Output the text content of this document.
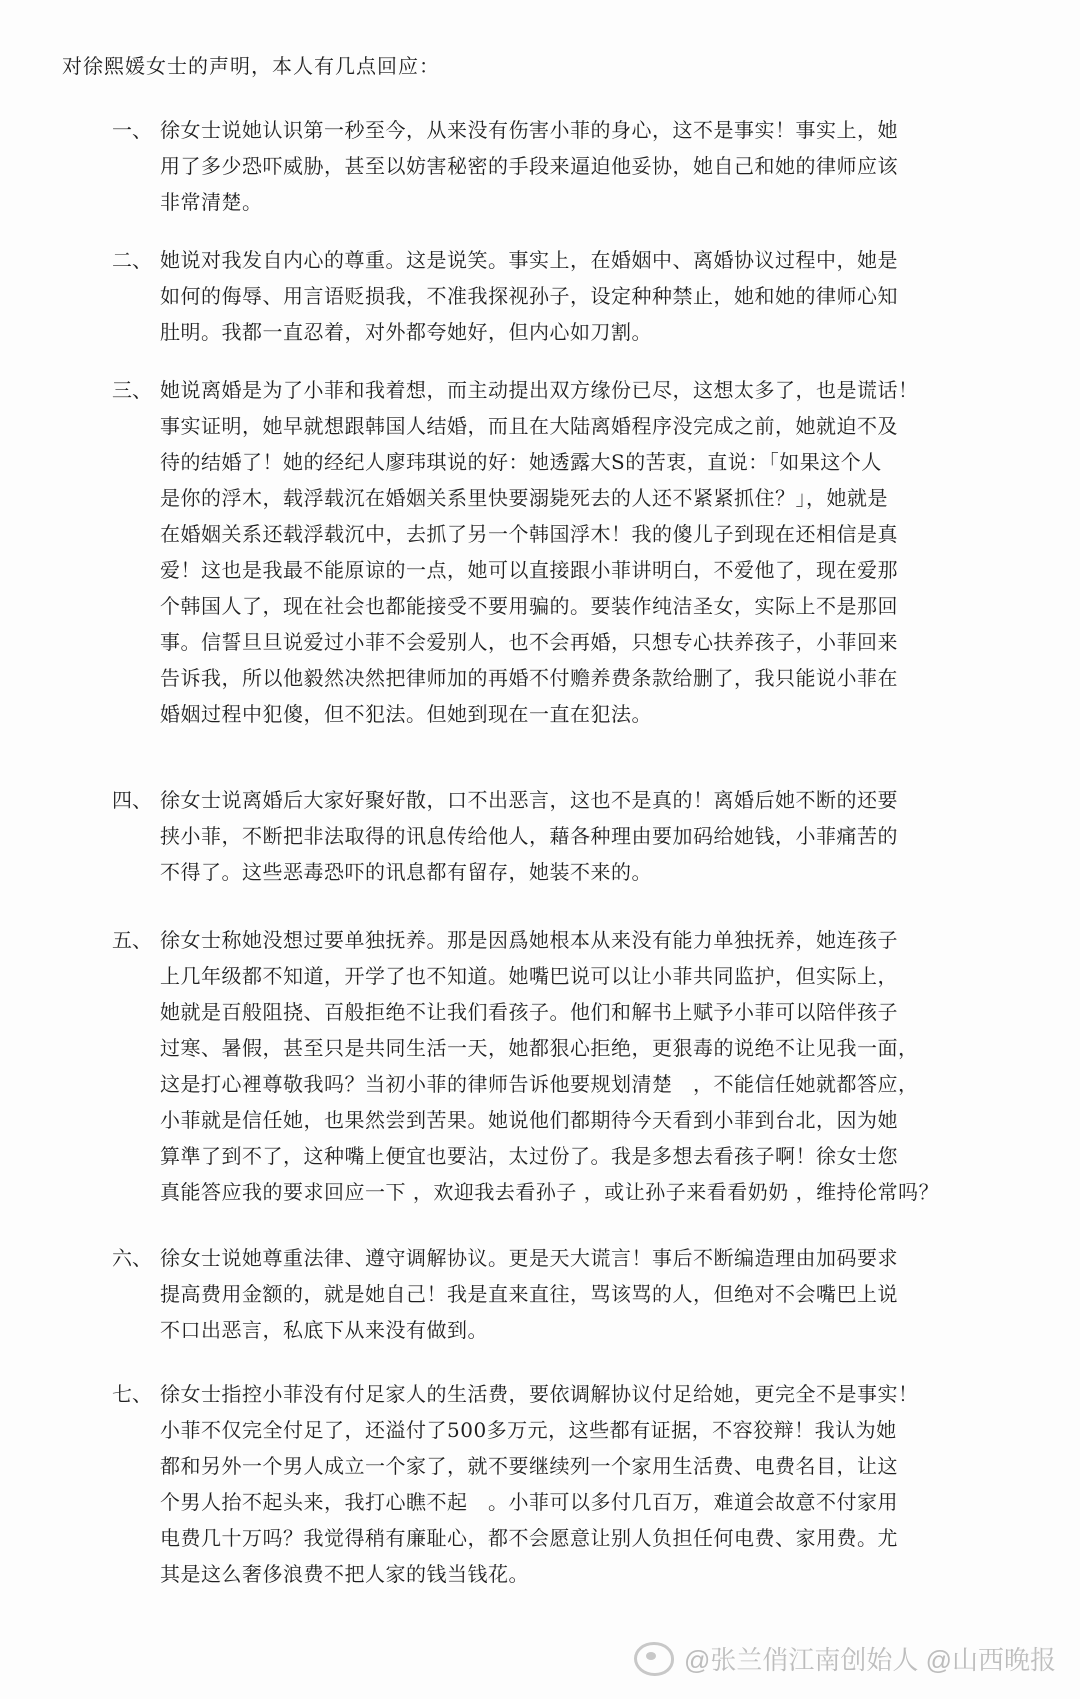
对徐熙媛女士的声明，本人有几点回应：
一、 徐女士说她认识第一秒至今，从来没有伤害小菲的身心，这不是事实！事实上，她
用了多少恐吓威胁，甚至以妨害秘密的手段来逼迫他妥协，她自己和她的律师应该
非常清楚。
二、 她说对我发自内心的尊重。这是说笑。事实上，在婚姻中、离婚协议过程中，她是
如何的侮辱、用言语贬损我，不准我探视孙子，设定种种禁止，她和她的律师心知
肚明。我都一直忍着，对外都夸她好，但内心如刀割。
三、 她说离婚是为了小菲和我着想，而主动提出双方缘份已尽，这想太多了，也是谎话！
事实证明，她早就想跟韩国人结婚，而且在大陆离婚程序没完成之前，她就迫不及
待的结婚了！她的经纪人廖玮琪说的好：她透露大S的苦衷，直说：「如果这个人
是你的浮木，载浮载沉在婚姻关系里快要溺毙死去的人还不紧紧抓住？」，她就是
在婚姻关系还载浮载沉中，去抓了另一个韩国浮木！我的傻儿子到现在还相信是真
爱！这也是我最不能原谅的一点，她可以直接跟小菲讲明白，不爱他了，现在爱那
个韩国人了，现在社会也都能接受不要用骗的。要装作纯洁圣女，实际上不是那回
事。信誓旦旦说爱过小菲不会爱别人，也不会再婚，只想专心扶养孩子，小菲回来
告诉我，所以他毅然决然把律师加的再婚不付赡养费条款给删了，我只能说小菲在
婚姻过程中犯傻，但不犯法。但她到现在一直在犯法。
四、 徐女士说离婚后大家好聚好散，口不出恶言，这也不是真的！离婚后她不断的还要
挟小菲，不断把非法取得的讯息传给他人，藉各种理由要加码给她钱，小菲痛苦的
不得了。这些恶毒恐吓的讯息都有留存，她装不来的。
五、 徐女士称她没想过要单独抚养。那是因爲她根本从来没有能力单独抚养，她连孩子
上几年级都不知道，开学了也不知道。她嘴巴说可以让小菲共同监护，但实际上，
她就是百般阻挠、百般拒绝不让我们看孩子。他们和解书上赋予小菲可以陪伴孩子
过寒、暑假，甚至只是共同生活一天，她都狠心拒绝，更狠毒的说绝不让见我一面，
这是打心裡尊敬我吗？当初小菲的律师告诉他要规划清楚　，不能信任她就都答应，
小菲就是信任她，也果然尝到苦果。她说他们都期待今天看到小菲到台北，因为她
算準了到不了，这种嘴上便宜也要沾，太过份了。我是多想去看孩子啊！徐女士您
真能答应我的要求回应一下 ，欢迎我去看孙子 ，或让孙子来看看奶奶 ，维持伦常吗？
六、 徐女士说她尊重法律、遵守调解协议。更是天大谎言！事后不断编造理由加码要求
提高费用金额的，就是她自己！我是直来直往，骂该骂的人，但绝对不会嘴巴上说
不口出恶言，私底下从来没有做到。
七、 徐女士指控小菲没有付足家人的生活费，要依调解协议付足给她，更完全不是事实！
小菲不仅完全付足了，还溢付了500多万元，这些都有证据，不容狡辩！我认为她
都和另外一个男人成立一个家了，就不要继续列一个家用生活费、电费名目，让这
个男人抬不起头来，我打心瞧不起　。小菲可以多付几百万，难道会故意不付家用
电费几十万吗？我觉得稍有廉耻心，都不会愿意让别人负担任何电费、家用费。尤
其是这么奢侈浪费不把人家的钱当钱花。
@张兰俏江南创始人 @山西晚报
